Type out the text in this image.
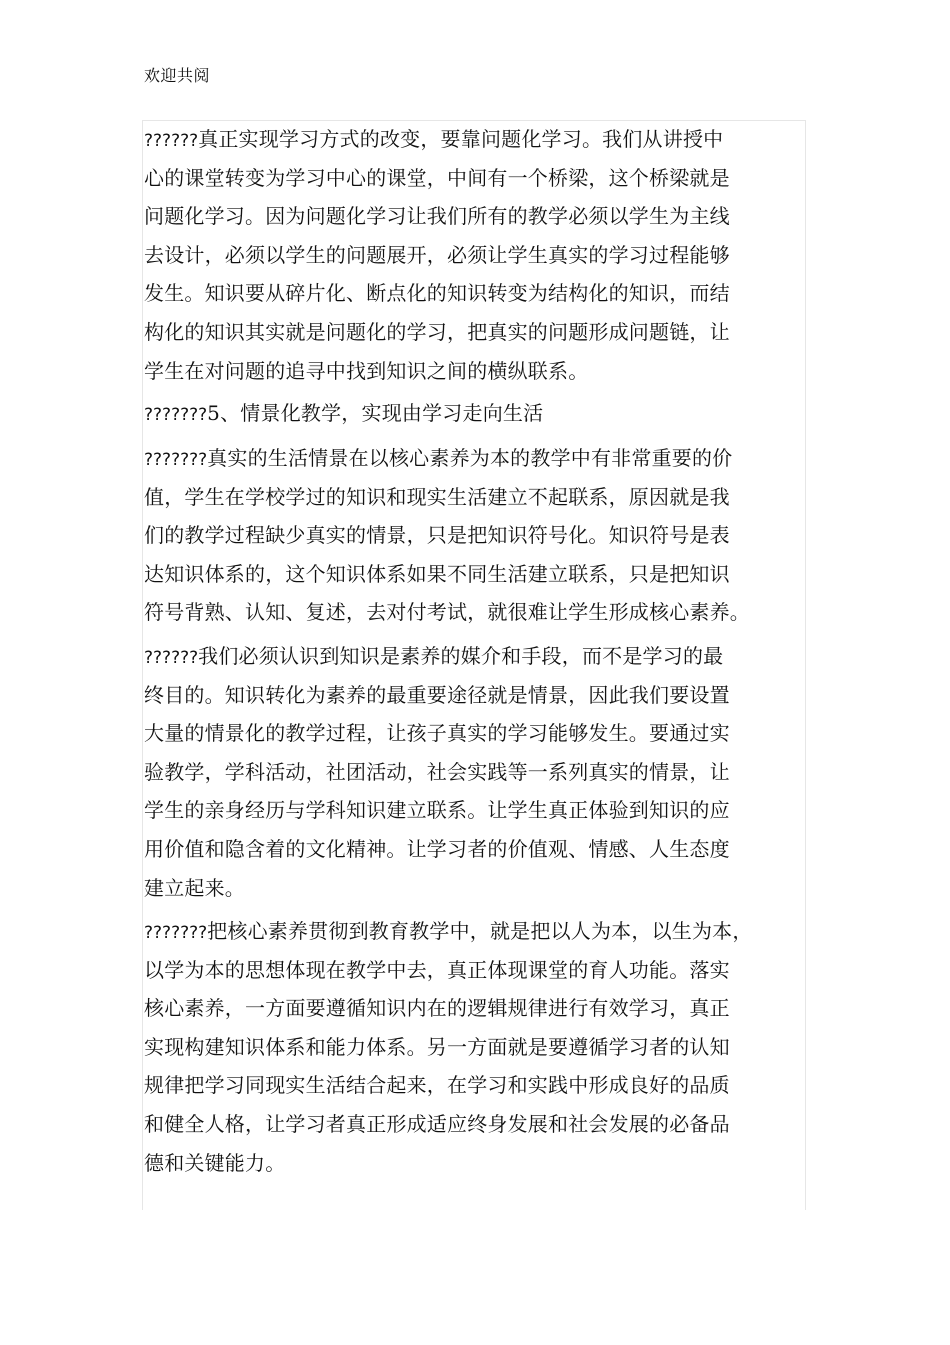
欢迎共阅
??????真正实现学习方式的改变，要靠问题化学习。我们从讲授中
心的课堂转变为学习中心的课堂，中间有一个桥梁，这个桥梁就是
问题化学习。因为问题化学习让我们所有的教学必须以学生为主线
去设计，必须以学生的问题展开，必须让学生真实的学习过程能够
发生。知识要从碎片化、断点化的知识转变为结构化的知识，而结
构化的知识其实就是问题化的学习，把真实的问题形成问题链，让
学生在对问题的追寻中找到知识之间的横纵联系。
???????5、情景化教学，实现由学习走向生活
???????真实的生活情景在以核心素养为本的教学中有非常重要的价
值，学生在学校学过的知识和现实生活建立不起联系，原因就是我
们的教学过程缺少真实的情景，只是把知识符号化。知识符号是表
达知识体系的，这个知识体系如果不同生活建立联系，只是把知识
符号背熟、认知、复述，去对付考试，就很难让学生形成核心素养。
??????我们必须认识到知识是素养的媒介和手段，而不是学习的最
终目的。知识转化为素养的最重要途径就是情景，因此我们要设置
大量的情景化的教学过程，让孩子真实的学习能够发生。要通过实
验教学，学科活动，社团活动，社会实践等一系列真实的情景，让
学生的亲身经历与学科知识建立联系。让学生真正体验到知识的应
用价值和隐含着的文化精神。让学习者的价值观、情感、人生态度
建立起来。
???????把核心素养贯彻到教育教学中，就是把以人为本，以生为本，
以学为本的思想体现在教学中去，真正体现课堂的育人功能。落实
核心素养，一方面要遵循知识内在的逻辑规律进行有效学习，真正
实现构建知识体系和能力体系。另一方面就是要遵循学习者的认知
规律把学习同现实生活结合起来，在学习和实践中形成良好的品质
和健全人格，让学习者真正形成适应终身发展和社会发展的必备品
德和关键能力。
